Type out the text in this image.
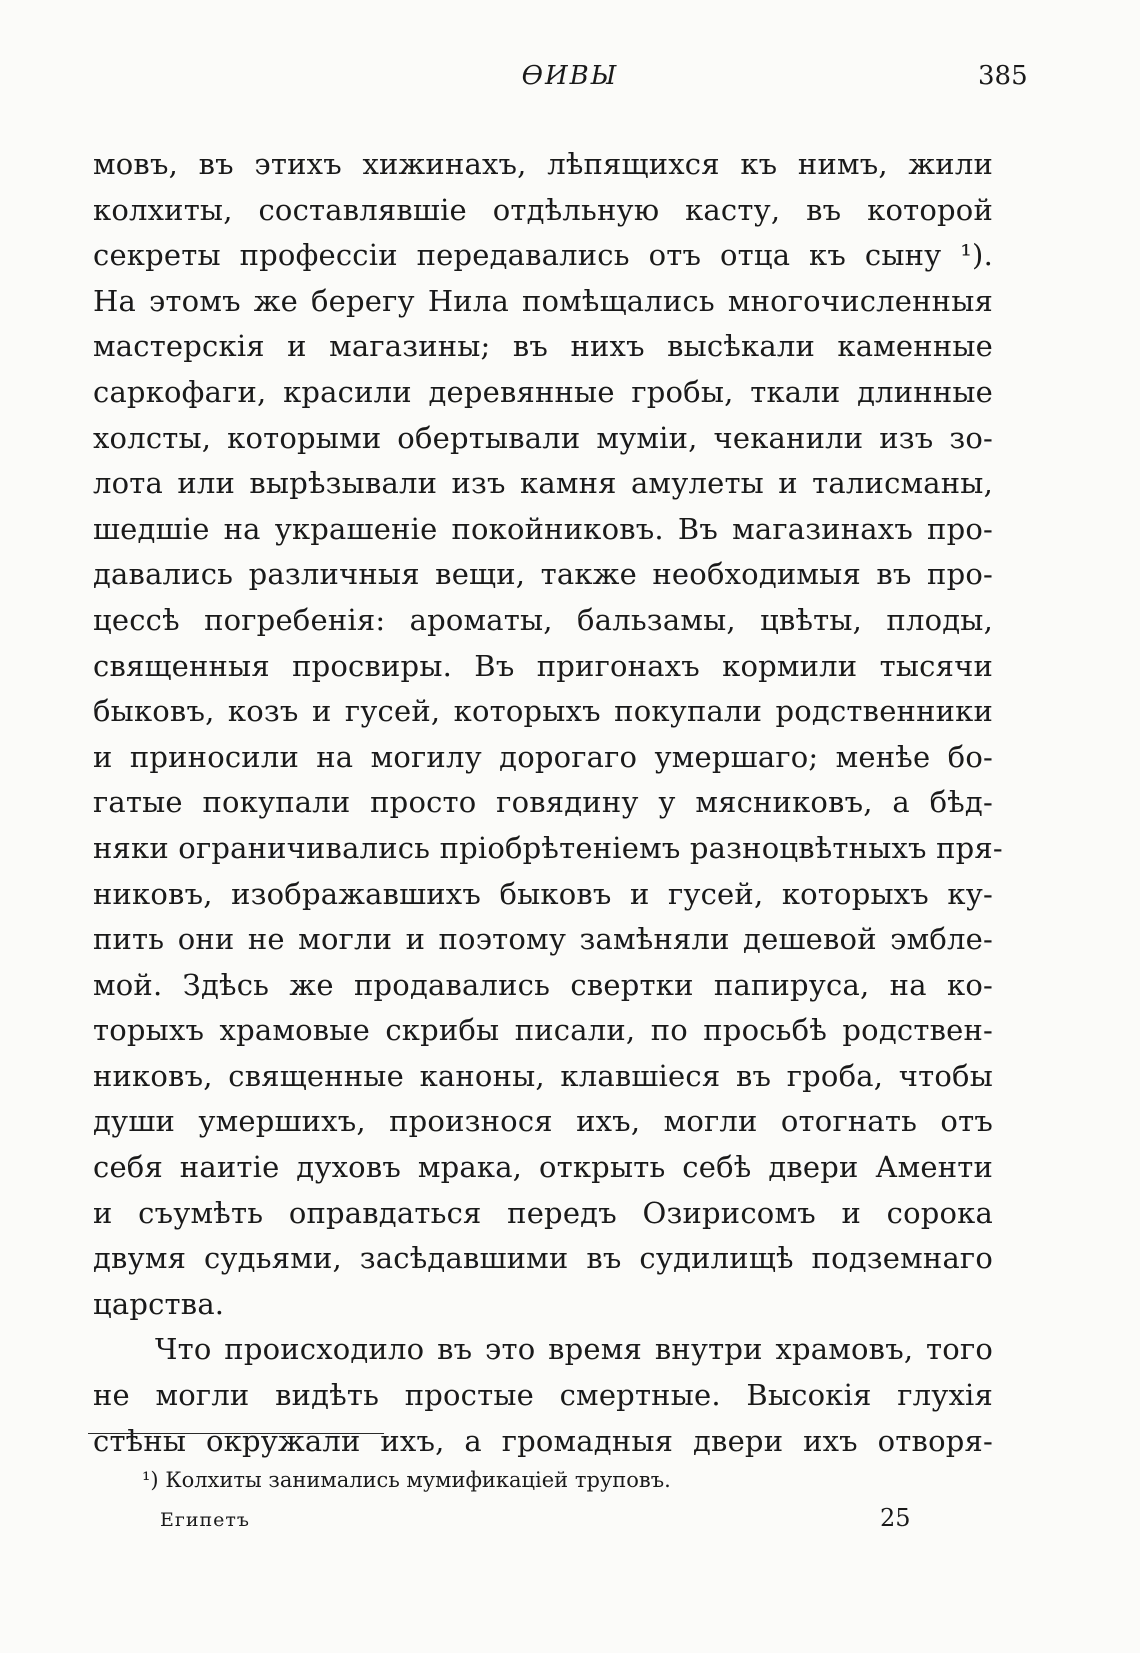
ѲИВЫ	385
мовъ, въ этихъ хижинахъ, лѣпящихся къ нимъ, жили
колхиты, составлявшіе отдѣльную касту, въ которой
секреты профессіи передавались отъ отца къ сыну ¹).
На этомъ же берегу Нила помѣщались многочисленныя
мастерскія и магазины; въ нихъ высѣкали каменные
саркофаги, красили деревянные гробы, ткали длинные
холсты, которыми обертывали муміи, чеканили изъ зо-
лота или вырѣзывали изъ камня амулеты и талисманы,
шедшіе на украшеніе покойниковъ. Въ магазинахъ про-
давались различныя вещи, также необходимыя въ про-
цессѣ погребенія: ароматы, бальзамы, цвѣты, плоды,
священныя просвиры. Въ пригонахъ кормили тысячи
быковъ, козъ и гусей, которыхъ покупали родственники
и приносили на могилу дорогаго умершаго; менѣе бо-
гатые покупали просто говядину у мясниковъ, а бѣд-
няки ограничивались пріобрѣтеніемъ разноцвѣтныхъ пря-
никовъ, изображавшихъ быковъ и гусей, которыхъ ку-
пить они не могли и поэтому замѣняли дешевой эмбле-
мой. Здѣсь же продавались свертки папируса, на ко-
торыхъ храмовые скрибы писали, по просьбѣ родствен-
никовъ, священные каноны, клавшіеся въ гроба, чтобы
души умершихъ, произнося ихъ, могли отогнать отъ
себя наитіе духовъ мрака, открыть себѣ двери Аменти
и съумѣть оправдаться передъ Озирисомъ и сорока
двумя судьями, засѣдавшими въ судилищѣ подземнаго
царства.
Что происходило въ это время внутри храмовъ, того
не могли видѣть простые смертные. Высокія глухія
стѣны окружали ихъ, а громадныя двери ихъ отворя-
¹) Колхиты занимались мумификаціей труповъ.
Египетъ	25
